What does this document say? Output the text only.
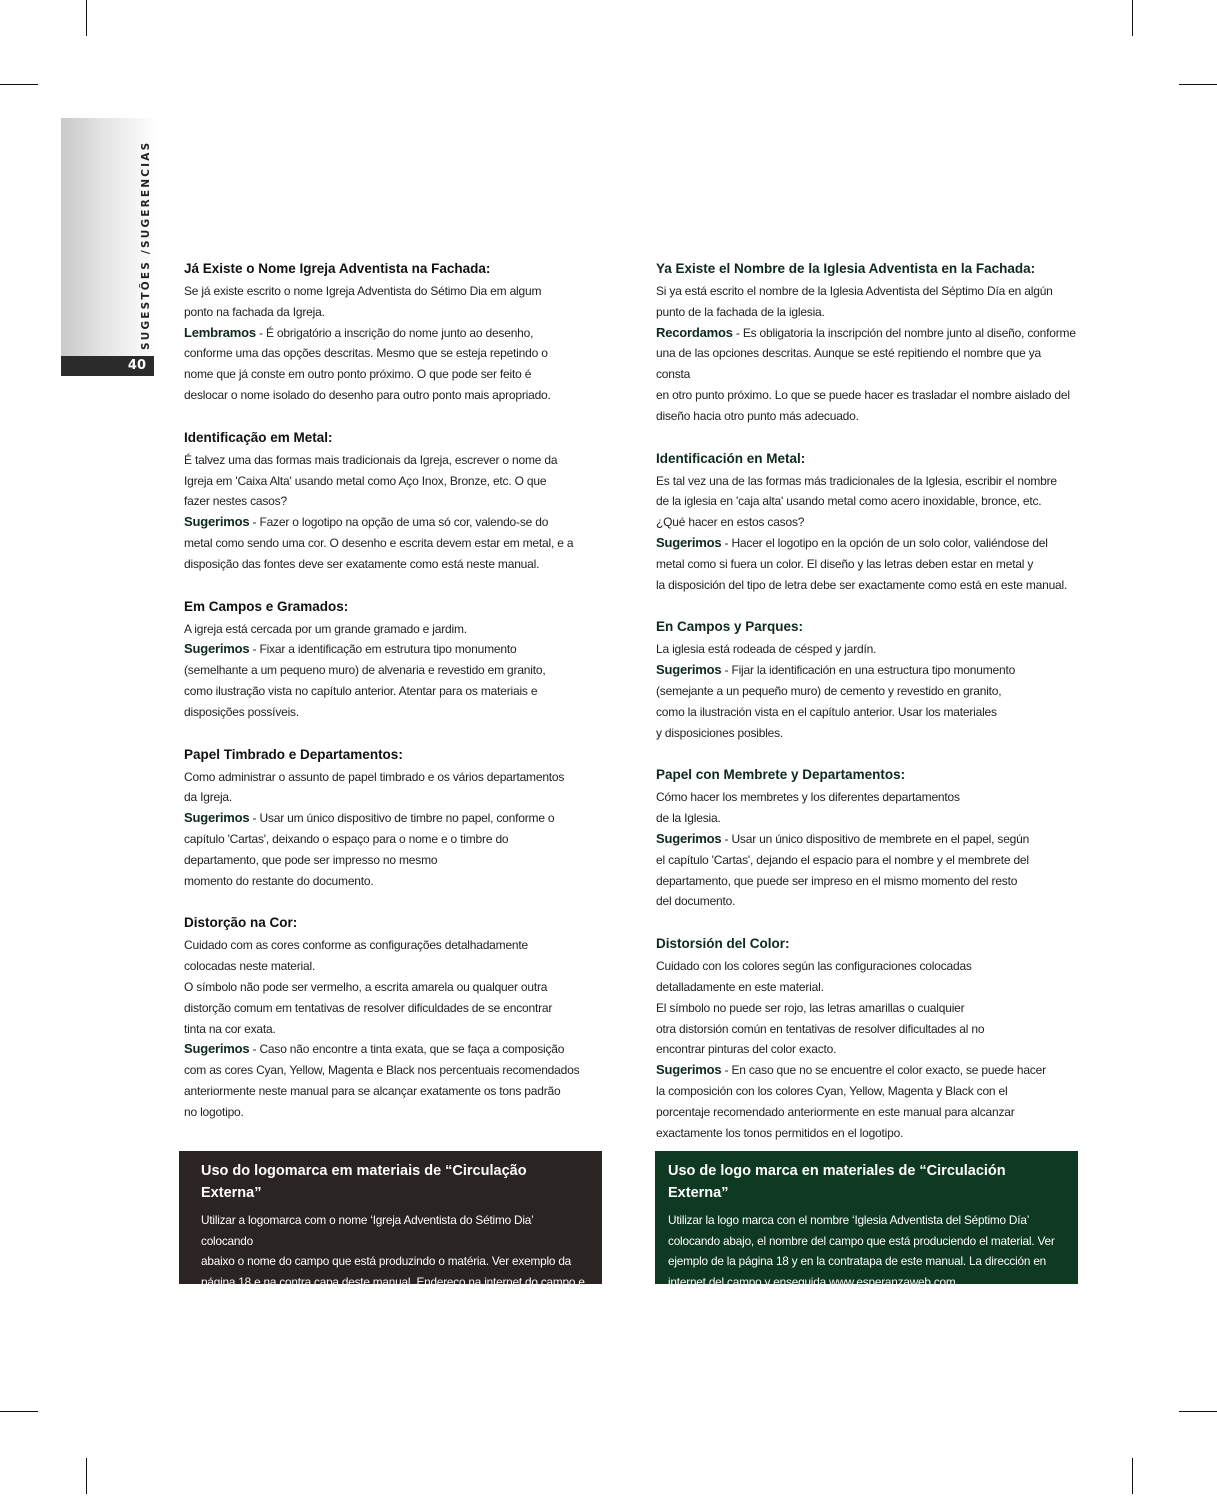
SUGESTÕES /SUGERENCIAS
40
Já Existe o Nome Igreja Adventista na Fachada:

Se já existe escrito o nome Igreja Adventista do Sétimo Dia em algum
ponto na fachada da Igreja.
Lembramos - É obrigatório a inscrição do nome junto ao desenho,
conforme uma das opções descritas. Mesmo que se esteja repetindo o
nome que já conste em outro ponto próximo. O que pode ser feito é
deslocar o nome isolado do desenho para outro ponto mais apropriado.

Identificação em Metal:

É talvez uma das formas mais tradicionais da Igreja, escrever o nome da
Igreja em 'Caixa Alta' usando metal como Aço Inox, Bronze, etc. O que
fazer nestes casos?
Sugerimos - Fazer o logotipo na opção de uma só cor, valendo-se do
metal como sendo uma cor. O desenho e escrita devem estar em metal, e a
disposição das fontes deve ser exatamente como está neste manual.

Em Campos e Gramados:

A igreja está cercada por um grande gramado e jardim.
Sugerimos - Fixar a identificação em estrutura tipo monumento
(semelhante a um pequeno muro) de alvenaria e revestido em granito,
como ilustração vista no capítulo anterior. Atentar para os materiais e
disposições possíveis.

Papel Timbrado e Departamentos:

Como administrar o assunto de papel timbrado e os vários departamentos
da Igreja.
Sugerimos - Usar um único dispositivo de timbre no papel, conforme o
capítulo 'Cartas', deixando o espaço para o nome e o timbre do
departamento, que pode ser impresso no mesmo
momento do restante do documento.

Distorção na Cor:

Cuidado com as cores conforme as configurações detalhadamente
colocadas neste material.
O símbolo não pode ser vermelho, a escrita amarela ou qualquer outra
distorção comum em tentativas de resolver dificuldades de se encontrar
tinta na cor exata.
Sugerimos - Caso não encontre a tinta exata, que se faça a composição
com as cores Cyan, Yellow, Magenta e Black nos percentuais recomendados
anteriormente neste manual para se alcançar exatamente os tons padrão
no logotipo.

Ya Existe el Nombre de la Iglesia Adventista en la Fachada:

Si ya está escrito el nombre de la Iglesia Adventista del Séptimo Día en algún
punto de la fachada de la iglesia.
Recordamos - Es obligatoria la inscripción del nombre junto al diseño, conforme
una de las opciones descritas. Aunque se esté repitiendo el nombre que ya consta
en otro punto próximo. Lo que se puede hacer es trasladar el nombre aislado del
diseño hacia otro punto más adecuado.

Identificación en Metal:

Es tal vez una de las formas más tradicionales de la Iglesia, escribir el nombre
de la iglesia en 'caja alta' usando metal como acero inoxidable, bronce, etc.
¿Qué hacer en estos casos?
Sugerimos - Hacer el logotipo en la opción de un solo color, valiéndose del
metal como si fuera un color. El diseño y las letras deben estar en metal y
la disposición del tipo de letra debe ser exactamente como está en este manual.

En Campos y Parques:

La iglesia está rodeada de césped y jardín.
Sugerimos - Fijar la identificación en una estructura tipo monumento
(semejante a un pequeño muro) de cemento y revestido en granito,
como la ilustración vista en el capítulo anterior. Usar los materiales
y disposiciones posibles.

Papel con Membrete y Departamentos:

Cómo hacer los membretes y los diferentes departamentos
de la Iglesia.
Sugerimos - Usar un único dispositivo de membrete en el papel, según
el capítulo 'Cartas', dejando el espacio para el nombre y el membrete del
departamento, que puede ser impreso en el mismo momento del resto
del documento.

Distorsión del Color:

Cuidado con los colores según las configuraciones colocadas
detalladamente en este material.
El símbolo no puede ser rojo, las letras amarillas o cualquier
otra distorsión común en tentativas de resolver dificultades al no
encontrar pinturas del color exacto.
Sugerimos - En caso que no se encuentre el color exacto, se puede hacer
la composición con los colores Cyan, Yellow, Magenta y Black con el
porcentaje recomendado anteriormente en este manual para alcanzar
exactamente los tonos permitidos en el logotipo.

Uso do logomarca em materiais de “Circulação Externa”

Utilizar a logomarca com o nome ‘Igreja Adventista do Sétimo Dia’ colocando
abaixo o nome do campo que está produzindo o matéria. Ver exemplo da
página 18 e na contra capa deste manual. Endereço na internet do campo e
logo abaixo www.esperanca.com.br

Uso de logo marca en materiales de “Circulación Externa”

Utilizar la logo marca con el nombre ‘Iglesia Adventista del Séptimo Día’
colocando abajo, el nombre del campo que está produciendo el material. Ver
ejemplo de la página 18 y en la contratapa de este manual. La dirección en
internet del campo y enseguida www.esperanzaweb.com
